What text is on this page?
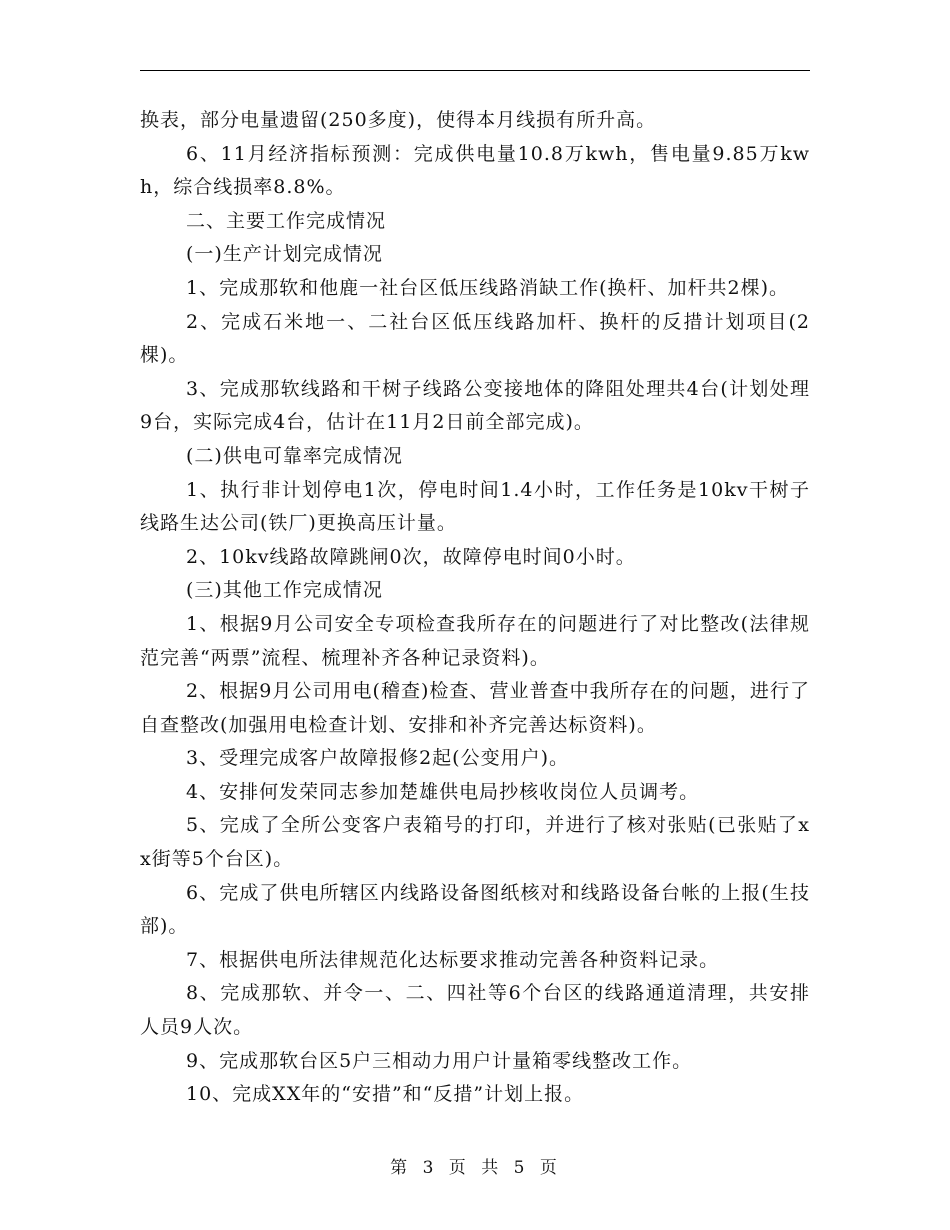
换表，部分电量遗留(250多度)，使得本月线损有所升高。

6、11月经济指标预测：完成供电量10.8万kwh，售电量9.85万kwh，综合线损率8.8%。

二、主要工作完成情况

(一)生产计划完成情况

1、完成那软和他鹿一社台区低压线路消缺工作(换杆、加杆共2棵)。

2、完成石米地一、二社台区低压线路加杆、换杆的反措计划项目(2棵)。

3、完成那软线路和干树子线路公变接地体的降阻处理共4台(计划处理9台，实际完成4台，估计在11月2日前全部完成)。

(二)供电可靠率完成情况

1、执行非计划停电1次，停电时间1.4小时，工作任务是10kv干树子线路生达公司(铁厂)更换高压计量。

2、10kv线路故障跳闸0次，故障停电时间0小时。

(三)其他工作完成情况

1、根据9月公司安全专项检查我所存在的问题进行了对比整改(法律规范完善“两票”流程、梳理补齐各种记录资料)。

2、根据9月公司用电(稽查)检查、营业普查中我所存在的问题，进行了自查整改(加强用电检查计划、安排和补齐完善达标资料)。

3、受理完成客户故障报修2起(公变用户)。

4、安排何发荣同志参加楚雄供电局抄核收岗位人员调考。

5、完成了全所公变客户表箱号的打印，并进行了核对张贴(已张贴了xx街等5个台区)。

6、完成了供电所辖区内线路设备图纸核对和线路设备台帐的上报(生技部)。

7、根据供电所法律规范化达标要求推动完善各种资料记录。

8、完成那软、并令一、二、四社等6个台区的线路通道清理，共安排人员9人次。

9、完成那软台区5户三相动力用户计量箱零线整改工作。

10、完成XX年的“安措”和“反措”计划上报。

第 3 页 共 5 页
